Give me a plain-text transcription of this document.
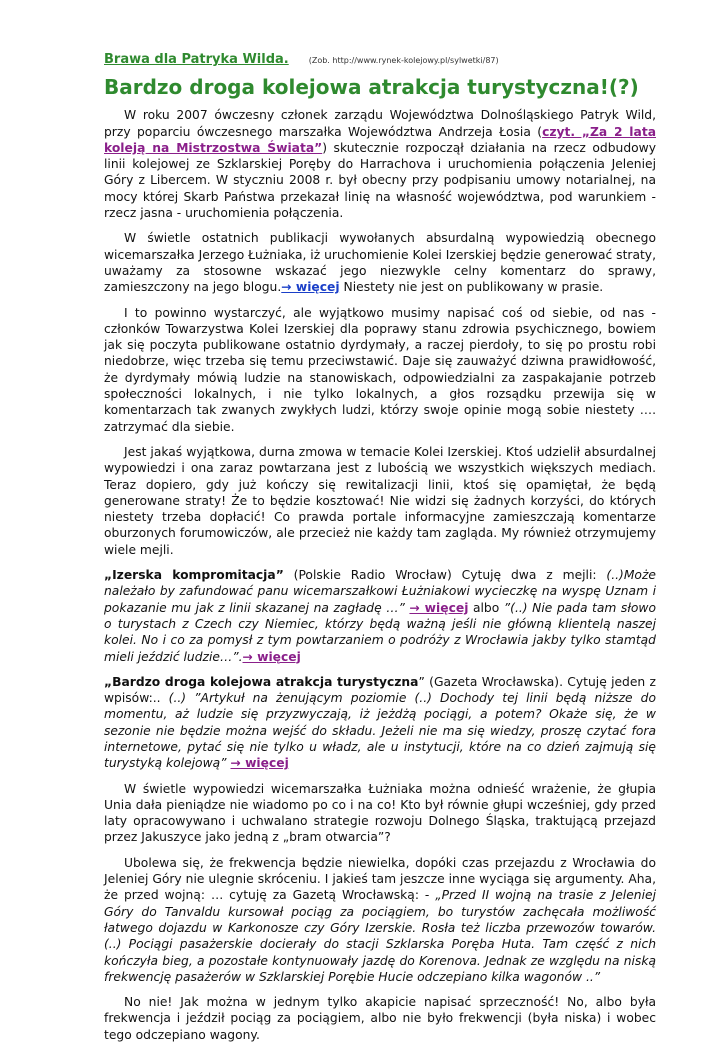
Brawa dla Patryka Wilda.	(Zob. http://www.rynek-kolejowy.pl/sylwetki/87)
Bardzo droga kolejowa atrakcja turystyczna!(?)

W roku 2007 ówczesny członek zarządu Województwa Dolnośląskiego Patryk Wild, przy poparciu ówczesnego marszałka Województwa Andrzeja Łosia (czyt. „Za 2 lata koleją na Mistrzostwa Świata”) skutecznie rozpoczął działania na rzecz odbudowy linii kolejowej ze Szklarskiej Poręby do Harrachova i uruchomienia połączenia Jeleniej Góry z Libercem. W styczniu 2008 r. był obecny przy podpisaniu umowy notarialnej, na mocy której Skarb Państwa przekazał linię na własność województwa, pod warunkiem - rzecz jasna - uruchomienia połączenia.

W świetle ostatnich publikacji wywołanych absurdalną wypowiedzią obecnego wicemarszałka Jerzego Łużniaka, iż uruchomienie Kolei Izerskiej będzie generować straty, uważamy za stosowne wskazać jego niezwykle celny komentarz do sprawy, zamieszczony na jego blogu.→ więcej Niestety nie jest on publikowany w prasie.

I to powinno wystarczyć, ale wyjątkowo musimy napisać coś od siebie, od nas - członków Towarzystwa Kolei Izerskiej dla poprawy stanu zdrowia psychicznego, bowiem jak się poczyta publikowane ostatnio dyrdymały, a raczej pierdoły, to się po prostu robi niedobrze, więc trzeba się temu przeciwstawić. Daje się zauważyć dziwna prawidłowość, że dyrdymały mówią ludzie na stanowiskach, odpowiedzialni za zaspakajanie potrzeb społeczności lokalnych, i nie tylko lokalnych, a głos rozsądku przewija się w komentarzach tak zwanych zwykłych ludzi, którzy swoje opinie mogą sobie niestety …. zatrzymać dla siebie.

Jest jakaś wyjątkowa, durna zmowa w temacie Kolei Izerskiej. Ktoś udzielił absurdalnej wypowiedzi i ona zaraz powtarzana jest z lubością we wszystkich większych mediach. Teraz dopiero, gdy już kończy się rewitalizacji linii, ktoś się opamiętał, że będą generowane straty! Że to będzie kosztować! Nie widzi się żadnych korzyści, do których niestety trzeba dopłacić! Co prawda portale informacyjne zamieszczają komentarze oburzonych forumowiczów, ale przecież nie każdy tam zagląda. My również otrzymujemy wiele mejli.

„Izerska kompromitacja” (Polskie Radio Wrocław) Cytuję dwa z mejli: (..)Może należało by zafundować panu wicemarszałkowi Łużniakowi wycieczkę na wyspę Uznam i pokazanie mu jak z linii skazanej na zagładę …” → więcej albo ”(..) Nie pada tam słowo o turystach z Czech czy Niemiec, którzy będą ważną jeśli nie główną klientelą naszej kolei. No i co za pomysł z tym powtarzaniem o podróży z Wrocławia jakby tylko stamtąd mieli jeździć ludzie…”.→ więcej

„Bardzo droga kolejowa atrakcja turystyczna” (Gazeta Wrocławska). Cytuję jeden z wpisów:.. (..) ”Artykuł na żenującym poziomie (..) Dochody tej linii będą niższe do momentu, aż ludzie się przyzwyczają, iż jeżdżą pociągi, a potem? Okaże się, że w sezonie nie będzie można wejść do składu. Jeżeli nie ma się wiedzy, proszę czytać fora internetowe, pytać się nie tylko u władz, ale u instytucji, które na co dzień zajmują się turystyką kolejową” → więcej

W świetle wypowiedzi wicemarszałka Łużniaka można odnieść wrażenie, że głupia Unia dała pieniądze nie wiadomo po co i na co! Kto był równie głupi wcześniej, gdy przed laty opracowywano i uchwalano strategie rozwoju Dolnego Śląska, traktującą przejazd przez Jakuszyce jako jedną z „bram otwarcia”?

Ubolewa się, że frekwencja będzie niewielka, dopóki czas przejazdu z Wrocławia do Jeleniej Góry nie ulegnie skróceniu. I jakieś tam jeszcze inne wyciąga się argumenty. Aha, że przed wojną: … cytuję za Gazetą Wrocławską: - „Przed II wojną na trasie z Jeleniej Góry do Tanvaldu kursował pociąg za pociągiem, bo turystów zachęcała możliwość łatwego dojazdu w Karkonosze czy Góry Izerskie. Rosła też liczba przewozów towarów. (..) Pociągi pasażerskie docierały do stacji Szklarska Poręba Huta. Tam część z nich kończyła bieg, a pozostałe kontynuowały jazdę do Korenova. Jednak ze względu na niską frekwencję pasażerów w Szklarskiej Porębie Hucie odczepiano kilka wagonów ..”

No nie! Jak można w jednym tylko akapicie napisać sprzeczność! No, albo była frekwencja i jeździł pociąg za pociągiem, albo nie było frekwencji (była niska) i wobec tego odczepiano wagony.
